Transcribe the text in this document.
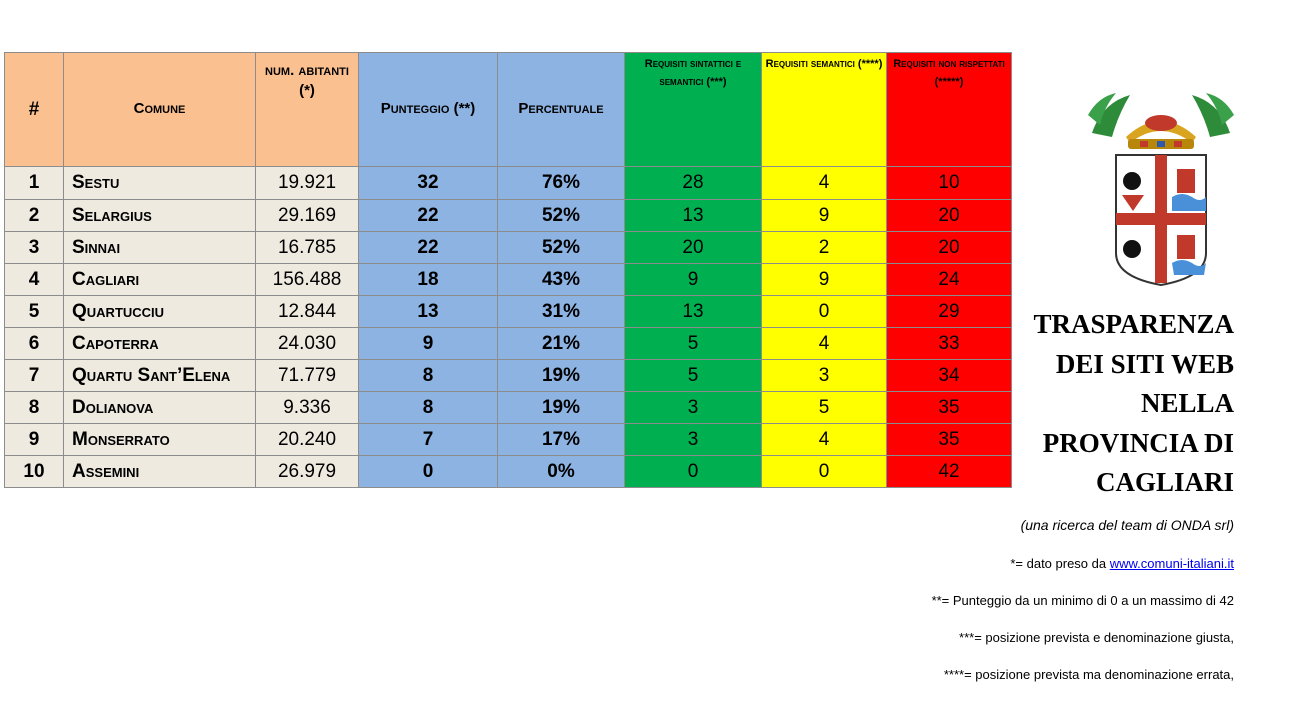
#	Comune	num. abitanti (*)	Punteggio (**)	Percentuale	Requisiti sintattici e semantici (***)	Requisiti semantici (****)	Requisiti non rispettati (*****)
1	Sestu	19.921	32	76%	28	4	10
2	Selargius	29.169	22	52%	13	9	20
3	Sinnai	16.785	22	52%	20	2	20
4	Cagliari	156.488	18	43%	9	9	24
5	Quartucciu	12.844	13	31%	13	0	29
6	Capoterra	24.030	9	21%	5	4	33
7	Quartu Sant’Elena	71.779	8	19%	5	3	34
8	Dolianova	9.336	8	19%	3	5	35
9	Monserrato	20.240	7	17%	3	4	35
10	Assemini	26.979	0	0%	0	0	42
TRASPARENZA
DEI SITI WEB
NELLA
PROVINCIA DI
CAGLIARI
(una ricerca del team di ONDA srl)
*= dato preso da www.comuni-italiani.it
**= Punteggio da un minimo di 0 a un massimo di 42
***= posizione prevista e denominazione giusta,
****= posizione prevista ma denominazione errata,
